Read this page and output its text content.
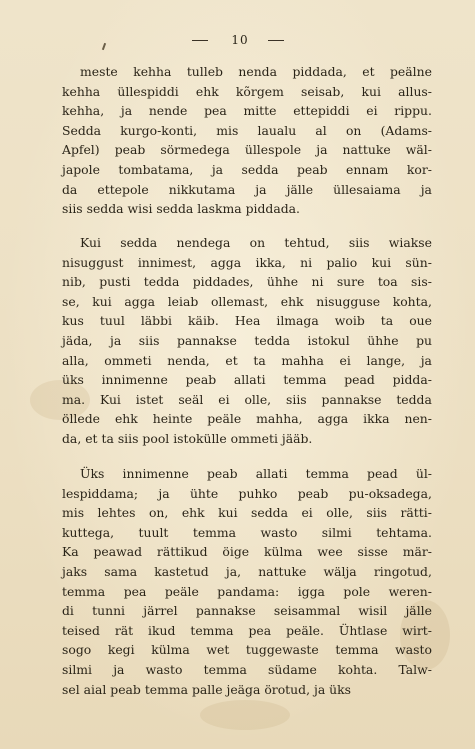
10
meste kehha tulleb nenda piddada, et peälne
kehha üllespiddi ehk kõrgem seisab, kui allus-
kehha, ja nende pea mitte ettepiddi ei rippu.
Sedda kurgo-konti, mis laualu al on (Adams-
Apfel) peab sörmedega üllespole ja nattuke wäl-
japole tombatama, ja sedda peab ennam kor-
da ettepole nikkutama ja jälle üllesaiama ja
siis
sedda
wisi
sedda
laskma
piddada.
Kui sedda nendega on tehtud, siis wiakse
nisuggust innimest, agga ikka, ni palio kui sün-
nib, pusti tedda piddades, ühhe ni sure toa sis-
se, kui agga leiab ollemast, ehk nisugguse kohta,
kus tuul läbbi käib. Hea ilmaga woib ta oue
jäda, ja siis pannakse tedda istokul ühhe pu
alla, ommeti nenda, et ta mahha ei lange, ja
üks innimenne peab allati temma pead pidda-
ma. Kui istet seäl ei olle, siis pannakse tedda
öllede ehk heinte peäle mahha, agga ikka nen-
da,
et
ta
siis
pool
istokülle
ommeti
jääb.
Üks innimenne peab allati temma pead ül-
lespiddama; ja ühte puhko peab pu-oksadega,
mis lehtes on, ehk kui sedda ei olle, siis rätti-
kuttega, tuult temma wasto silmi tehtama.
Ka peawad rättikud öige külma wee sisse mär-
jaks sama kastetud ja, nattuke wälja ringotud,
temma pea peäle pandama: igga pole weren-
di tunni järrel pannakse seisammal wisil jälle
teised rät ikud temma pea peäle. Ühtlase wirt-
sogo kegi külma wet tuggewaste temma wasto
silmi ja wasto temma südame kohta. Talw-
sel
aial
peab
temma
palle
jeäga
örotud,
ja
üks
